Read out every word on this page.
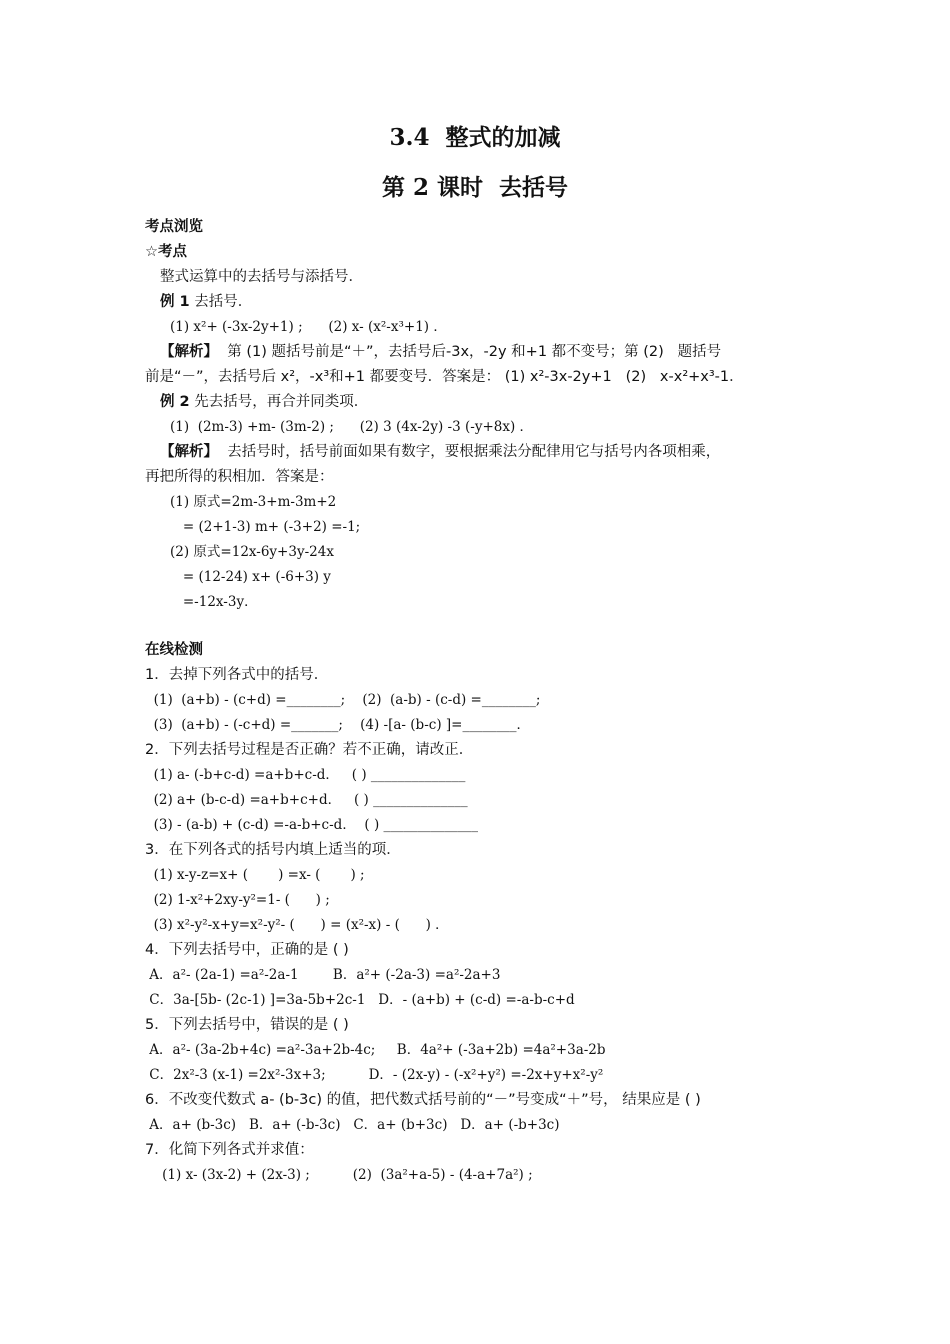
3.4  整式的加减
第 2 课时  去括号
考点浏览
☆考点
整式运算中的去括号与添括号．
例 1 去括号．
(1) x²+ (-3x-2y+1) ;      (2) x- (x²-x³+1) ．
【解析】  第 (1) 题括号前是“＋”，去括号后-3x，-2y 和+1 都不变号；第 (2)   题括号
前是“－”，去括号后 x²，-x³和+1 都要变号．答案是： (1) x²-3x-2y+1   (2)   x-x²+x³-1．
例 2 先去括号，再合并同类项．
(1)  (2m-3) +m- (3m-2) ;      (2) 3 (4x-2y) -3 (-y+8x) ．
【解析】  去括号时，括号前面如果有数字，要根据乘法分配律用它与括号内各项相乘，
再把所得的积相加．答案是：
(1) 原式=2m-3+m-3m+2
= (2+1-3) m+ (-3+2) =-1;
(2) 原式=12x-6y+3y-24x
= (12-24) x+ (-6+3) y
=-12x-3y．
在线检测
1．去掉下列各式中的括号．
(1)  (a+b) - (c+d) =________;    (2)  (a-b) - (c-d) =________;
(3)  (a+b) - (-c+d) =_______;    (4) -[a- (b-c) ]=________．
2．下列去括号过程是否正确？若不正确，请改正．
(1) a- (-b+c-d) =a+b+c-d．   ( ) ______________
(2) a+ (b-c-d) =a+b+c+d．   ( ) ______________
(3) - (a-b) + (c-d) =-a-b+c-d．  ( ) ______________
3．在下列各式的括号内填上适当的项．
(1) x-y-z=x+ (       ) =x- (       ) ;
(2) 1-x²+2xy-y²=1- (      ) ;
(3) x²-y²-x+y=x²-y²- (      ) = (x²-x) - (      ) ．
4．下列去括号中，正确的是 ( )
A．a²- (2a-1) =a²-2a-1        B．a²+ (-2a-3) =a²-2a+3
C．3a-[5b- (2c-1) ]=3a-5b+2c-1   D．- (a+b) + (c-d) =-a-b-c+d
5．下列去括号中，错误的是 ( )
A．a²- (3a-2b+4c) =a²-3a+2b-4c;     B．4a²+ (-3a+2b) =4a²+3a-2b
C．2x²-3 (x-1) =2x²-3x+3;          D．- (2x-y) - (-x²+y²) =-2x+y+x²-y²
6．不改变代数式 a- (b-3c) 的值，把代数式括号前的“－”号变成“＋”号， 结果应是 ( )
A．a+ (b-3c)   B．a+ (-b-3c)   C．a+ (b+3c)   D．a+ (-b+3c)
7．化简下列各式并求值：
(1) x- (3x-2) + (2x-3) ;          (2)  (3a²+a-5) - (4-a+7a²) ;
